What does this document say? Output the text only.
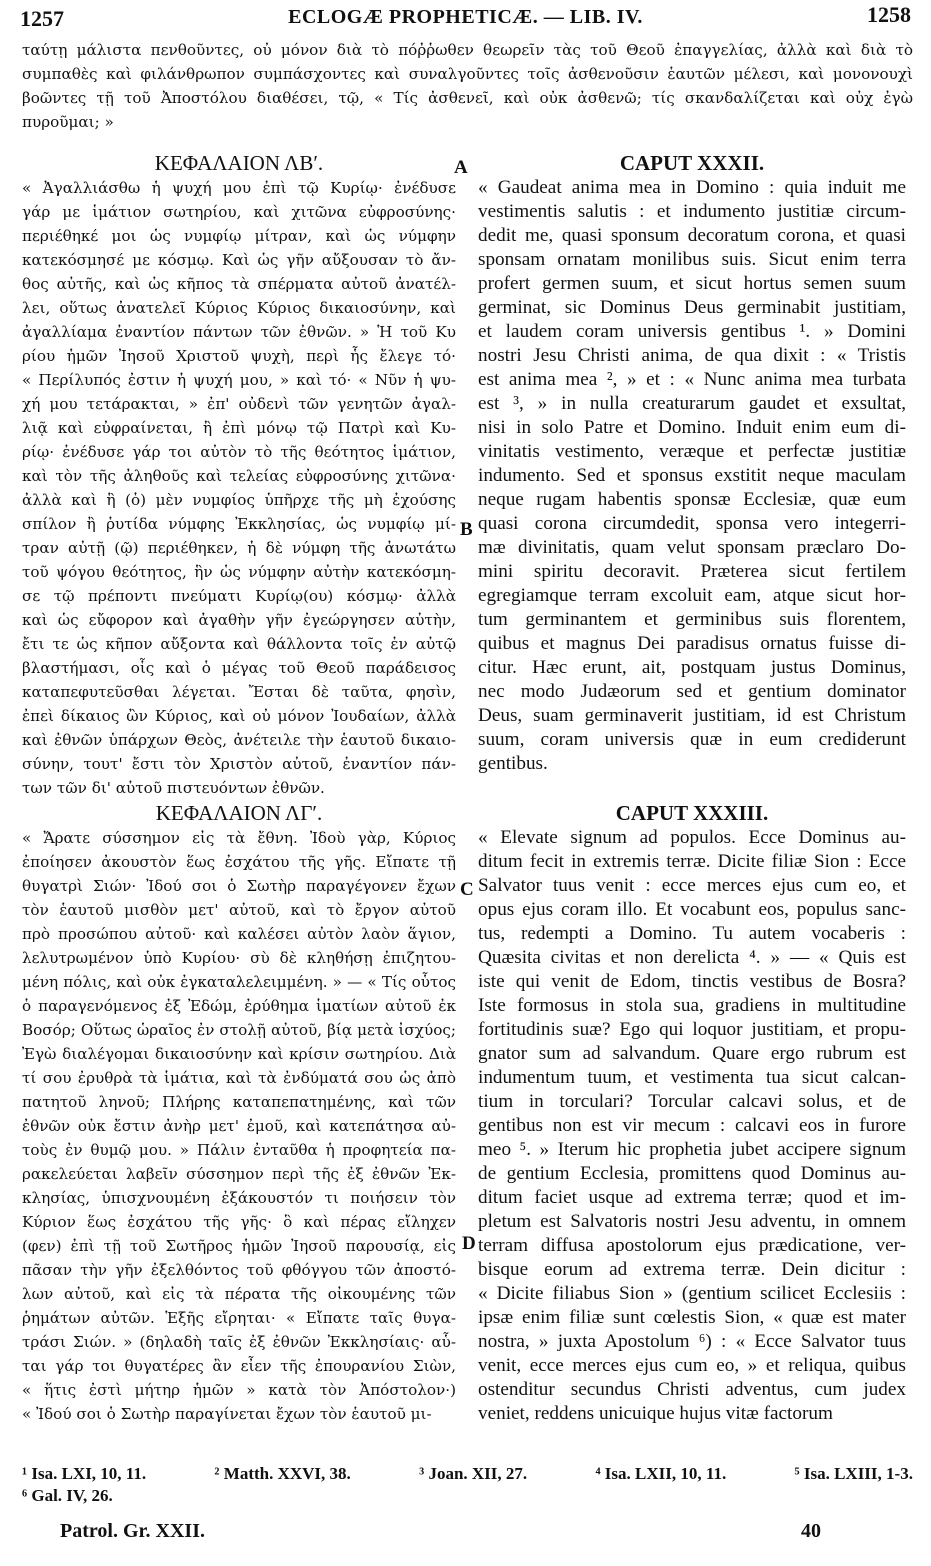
1257	ECLOGÆ PROPHETICÆ. — LIB. IV.	1258
ταύτῃ μάλιστα πενθοῦντες, οὐ μόνον διὰ τὸ πόῤῥωθεν θεωρεῖν τὰς τοῦ Θεοῦ ἐπαγγελίας, ἀλλὰ καὶ διὰ τὸ
συμπαθὲς καὶ φιλάνθρωπον συμπάσχοντες καὶ συναλγοῦντες τοῖς ἀσθενοῦσιν ἑαυτῶν μέλεσι, καὶ μονονουχὶ
βοῶντες τῇ τοῦ Ἀποστόλου διαθέσει, τῷ, « Τίς ἀσθενεῖ, καὶ οὐκ ἀσθενῶ; τίς σκανδαλίζεται καὶ οὐχ ἐγὼ
πυροῦμαι; »
ΚΕΦΑΛΑΙΟΝ ΛΒʹ.
« Ἀγαλλιάσθω ἡ ψυχή μου ἐπὶ τῷ Κυρίῳ· ἐνέδυσε
γάρ με ἱμάτιον σωτηρίου, καὶ χιτῶνα εὐφροσύνης·
περιέθηκέ μοι ὡς νυμφίῳ μίτραν, καὶ ὡς νύμφην
κατεκόσμησέ με κόσμῳ. Καὶ ὡς γῆν αὔξουσαν τὸ ἄν-
θος αὐτῆς, καὶ ὡς κῆπος τὰ σπέρματα αὐτοῦ ἀνατέλ-
λει, οὕτως ἀνατελεῖ Κύριος Κύριος δικαιοσύνην, καὶ
ἀγαλλίαμα ἐναντίον πάντων τῶν ἐθνῶν. » Ἡ τοῦ Κυ
ρίου ἡμῶν Ἰησοῦ Χριστοῦ ψυχὴ, περὶ ἧς ἔλεγε τό·
« Περίλυπός ἐστιν ἡ ψυχή μου, » καὶ τό· « Νῦν ἡ ψυ-
χή μου τετάρακται, » ἐπ' οὐδενὶ τῶν γενητῶν ἀγαλ-
λιᾷ καὶ εὐφραίνεται, ἢ ἐπὶ μόνῳ τῷ Πατρὶ καὶ Κυ-
ρίῳ· ἐνέδυσε γάρ τοι αὐτὸν τὸ τῆς θεότητος ἱμάτιον,
καὶ τὸν τῆς ἀληθοῦς καὶ τελείας εὐφροσύνης χιτῶνα·
ἀλλὰ καὶ ἣ (ὁ) μὲν νυμφίος ὑπῆρχε τῆς μὴ ἐχούσης
σπίλον ἢ ῥυτίδα νύμφης Ἐκκλησίας, ὡς νυμφίῳ μί-
τραν αὐτῇ (ῷ) περιέθηκεν, ἡ δὲ νύμφη τῆς ἀνωτάτω
τοῦ ψόγου θεότητος, ἣν ὡς νύμφην αὐτὴν κατεκόσμη-
σε τῷ πρέποντι πνεύματι Κυρίῳ(ου) κόσμῳ· ἀλλὰ
καὶ ὡς εὔφορον καὶ ἀγαθὴν γῆν ἐγεώργησεν αὐτὴν,
ἔτι τε ὡς κῆπον αὔξοντα καὶ θάλλοντα τοῖς ἐν αὐτῷ
βλαστήμασι, οἷς καὶ ὁ μέγας τοῦ Θεοῦ παράδεισος
καταπεφυτεῦσθαι λέγεται. Ἔσται δὲ ταῦτα, φησὶν,
ἐπεὶ δίκαιος ὢν Κύριος, καὶ οὐ μόνον Ἰουδαίων, ἀλλὰ
καὶ ἐθνῶν ὑπάρχων Θεὸς, ἀνέτειλε τὴν ἑαυτοῦ δικαιο-
σύνην, τουτ' ἔστι τὸν Χριστὸν αὐτοῦ, ἐναντίον πάν-
των τῶν δι' αὐτοῦ πιστευόντων ἐθνῶν.
ΚΕΦΑΛΑΙΟΝ ΛΓʹ.
« Ἄρατε σύσσημον εἰς τὰ ἔθνη. Ἰδοὺ γὰρ, Κύριος
ἐποίησεν ἀκουστὸν ἕως ἐσχάτου τῆς γῆς. Εἴπατε τῇ
θυγατρὶ Σιών· Ἰδού σοι ὁ Σωτὴρ παραγέγονεν ἔχων
τὸν ἑαυτοῦ μισθὸν μετ' αὐτοῦ, καὶ τὸ ἔργον αὐτοῦ
πρὸ προσώπου αὐτοῦ· καὶ καλέσει αὐτὸν λαὸν ἅγιον,
λελυτρωμένον ὑπὸ Κυρίου· σὺ δὲ κληθήσῃ ἐπιζητου-
μένη πόλις, καὶ οὐκ ἐγκαταλελειμμένη. » — « Τίς οὗτος
ὁ παραγενόμενος ἐξ Ἐδώμ, ἐρύθημα ἱματίων αὐτοῦ ἐκ
Βοσόρ; Οὕτως ὡραῖος ἐν στολῇ αὐτοῦ, βίᾳ μετὰ ἰσχύος;
Ἐγὼ διαλέγομαι δικαιοσύνην καὶ κρίσιν σωτηρίου. Διὰ
τί σου ἐρυθρὰ τὰ ἱμάτια, καὶ τὰ ἐνδύματά σου ὡς ἀπὸ
πατητοῦ ληνοῦ; Πλήρης καταπεπατημένης, καὶ τῶν
ἐθνῶν οὐκ ἔστιν ἀνὴρ μετ' ἐμοῦ, καὶ κατεπάτησα αὐ-
τοὺς ἐν θυμῷ μου. » Πάλιν ἐνταῦθα ἡ προφητεία πα-
ρακελεύεται λαβεῖν σύσσημον περὶ τῆς ἐξ ἐθνῶν Ἐκ-
κλησίας, ὑπισχνουμένη ἐξάκουστόν τι ποιήσειν τὸν
Κύριον ἕως ἐσχάτου τῆς γῆς· ὃ καὶ πέρας εἴληχεν
(φεν) ἐπὶ τῇ τοῦ Σωτῆρος ἡμῶν Ἰησοῦ παρουσίᾳ, εἰς
πᾶσαν τὴν γῆν ἐξελθόντος τοῦ φθόγγου τῶν ἀποστό-
λων αὐτοῦ, καὶ εἰς τὰ πέρατα τῆς οἰκουμένης τῶν
ῥημάτων αὐτῶν. Ἑξῆς εἴρηται· « Εἴπατε ταῖς θυγα-
τράσι Σιών. » (δηλαδὴ ταῖς ἐξ ἐθνῶν Ἐκκλησίαις· αὗ-
ται γάρ τοι θυγατέρες ἂν εἶεν τῆς ἐπουρανίου Σιὼν,
« ἥτις ἐστὶ μήτηρ ἡμῶν » κατὰ τὸν Ἀπόστολον·)
« Ἰδού σοι ὁ Σωτὴρ παραγίνεται ἔχων τὸν ἑαυτοῦ μι-
CAPUT XXXII.
« Gaudeat anima mea in Domino : quia induit me
vestimentis salutis : et indumento justitiæ circum-
dedit me, quasi sponsum decoratum corona, et quasi
sponsam ornatam monilibus suis. Sicut enim terra
profert germen suum, et sicut hortus semen suum
germinat, sic Dominus Deus germinabit justitiam,
et laudem coram universis gentibus ¹. » Domini
nostri Jesu Christi anima, de qua dixit : « Tristis
est anima mea ², » et : « Nunc anima mea turbata
est ³, » in nulla creaturarum gaudet et exsultat,
nisi in solo Patre et Domino. Induit enim eum di-
vinitatis vestimento, veræque et perfectæ justitiæ
indumento. Sed et sponsus exstitit neque maculam
neque rugam habentis sponsæ Ecclesiæ, quæ eum
quasi corona circumdedit, sponsa vero integerri-
mæ divinitatis, quam velut sponsam præclaro Do-
mini spiritu decoravit. Præterea sicut fertilem
egregiamque terram excoluit eam, atque sicut hor-
tum germinantem et germinibus suis florentem,
quibus et magnus Dei paradisus ornatus fuisse di-
citur. Hæc erunt, ait, postquam justus Dominus,
nec modo Judæorum sed et gentium dominator
Deus, suam germinaverit justitiam, id est Christum
suum, coram universis quæ in eum crediderunt
gentibus.
CAPUT XXXIII.
« Elevate signum ad populos. Ecce Dominus au-
ditum fecit in extremis terræ. Dicite filiæ Sion : Ecce
Salvator tuus venit : ecce merces ejus cum eo, et
opus ejus coram illo. Et vocabunt eos, populus sanc-
tus, redempti a Domino. Tu autem vocaberis :
Quæsita civitas et non derelicta ⁴. » — « Quis est
iste qui venit de Edom, tinctis vestibus de Bosra?
Iste formosus in stola sua, gradiens in multitudine
fortitudinis suæ? Ego qui loquor justitiam, et propu-
gnator sum ad salvandum. Quare ergo rubrum est
indumentum tuum, et vestimenta tua sicut calcan-
tium in torculari? Torcular calcavi solus, et de
gentibus non est vir mecum : calcavi eos in furore
meo ⁵. » Iterum hic prophetia jubet accipere signum
de gentium Ecclesia, promittens quod Dominus au-
ditum faciet usque ad extrema terræ; quod et im-
pletum est Salvatoris nostri Jesu adventu, in omnem
terram diffusa apostolorum ejus prædicatione, ver-
bisque eorum ad extrema terræ. Dein dicitur :
« Dicite filiabus Sion » (gentium scilicet Ecclesiis :
ipsæ enim filiæ sunt cœlestis Sion, « quæ est mater
nostra, » juxta Apostolum ⁶) : « Ecce Salvator tuus
venit, ecce merces ejus cum eo, » et reliqua, quibus
ostenditur secundus Christi adventus, cum judex
veniet, reddens unicuique hujus vitæ factorum
A
B
C
D
¹ Isa. LXI, 10, 11.	² Matth. XXVI, 38.	³ Joan. XII, 27.	⁴ Isa. LXII, 10, 11.	⁵ Isa. LXIII, 1-3.
⁶ Gal. IV, 26.
Patrol. Gr. XXII.	40
